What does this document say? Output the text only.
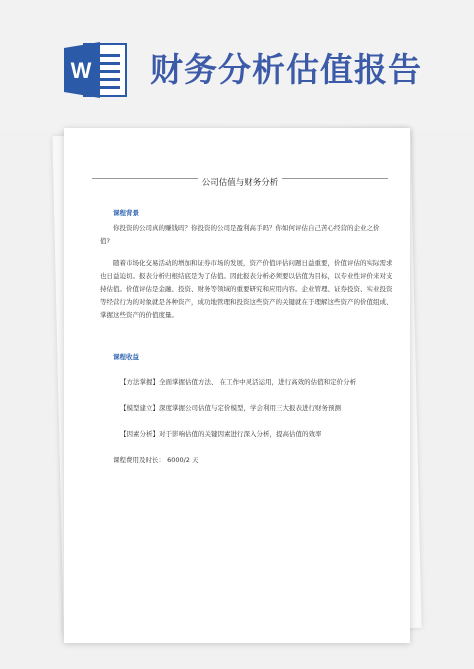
W 财务分析估值报告
公司估值与财务分析
课程背景
你投资的公司真的赚钱吗？你投资的公司是盈利高手吗？你如何评估自己苦心经营的企业之价
值?
随着市场化交易活动的增加和证券市场的发展，资产价值评估问题日益重要，价值评估的实际需求
也日益迫切。报表分析归根结底是为了估值。因此报表分析必须要以估值为目标，以专业性评价来对支
持估值。价值评估是金融、投资、财务等领域的重要研究和应用内容。企业管理、证券投资、实业投资
等经营行为的对象就是各种资产，成功地管理和投资这些资产的关键就在于理解这些资产的价值组成、
掌握这些资产的价值度量。
课程收益
【方法掌握】全面掌握估值方法、 在工作中灵活运用，进行高效的估值和定价分析
【模型建立】深度掌握公司估值与定价模型，学会利用三大报表进行财务预测
【因素分析】对于影响估值的关键因素进行深入分析，提高估值的效率
课程费用及时长： 6000/2 天
